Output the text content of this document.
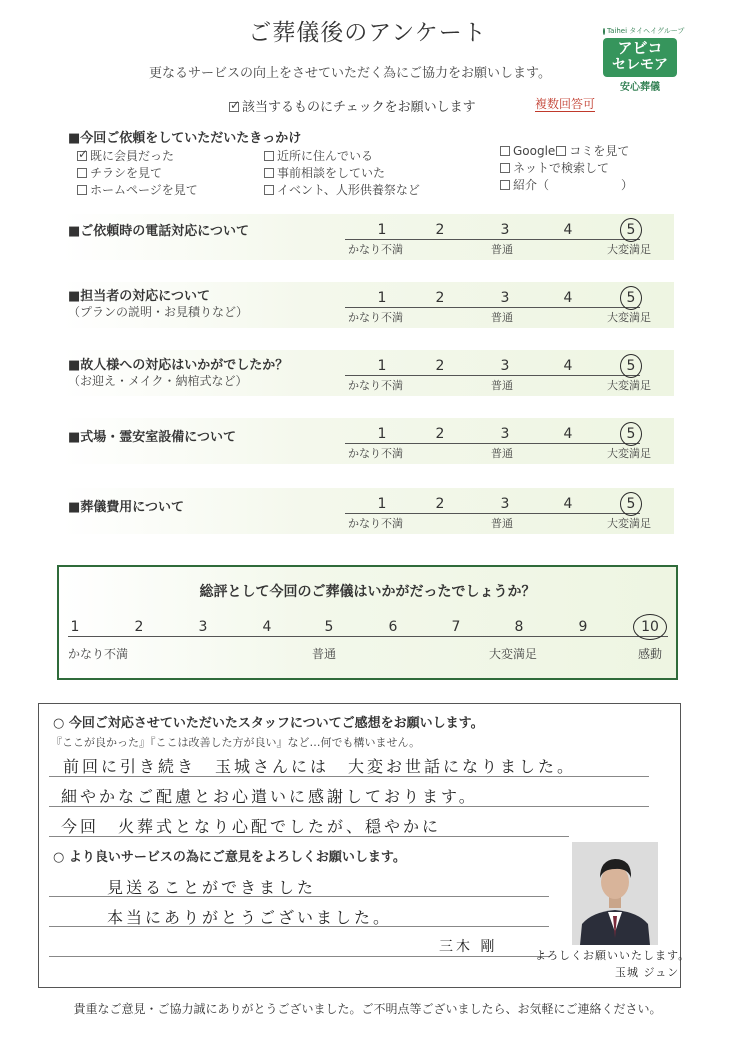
ご葬儀後のアンケート
更なるサービスの向上をさせていただく為にご協力をお願いします。
Taihei タイヘイグループ
アビコ
セレモア
安心葬儀
✓該当するものにチェックをお願いします	複数回答可
■今回ご依頼をしていただいたきっかけ
✓既に会員だった
チラシを見て
ホームページを見て
近所に住んでいる
事前相談をしていた
イベント、人形供養祭など
Google コミを見て
ネットで検索して
紹介（　　　　　　）
■ご依頼時の電話対応について
■担当者の対応について
（プランの説明・お見積りなど）
■故人様への対応はいかがでしたか？
（お迎え・メイク・納棺式など）
■式場・霊安室設備について
■葬儀費用について
1	2	3	4	5
かなり不満	普通	大変満足
1	2	3	4	5
かなり不満	普通	大変満足
1	2	3	4	5
かなり不満	普通	大変満足
1	2	3	4	5
かなり不満	普通	大変満足
1	2	3	4	5
かなり不満	普通	大変満足
総評として今回のご葬儀はいかがだったでしょうか？
1	2	3	4	5	6	7	8	9	10
かなり不満	普通	大変満足	感動
○ 今回ご対応させていただいたスタッフについてご感想をお願いします。
『ここが良かった』『ここは改善した方が良い』など…何でも構いません。
前回に引き続き　玉城さんには　大変お世話になりました。
細やかなご配慮とお心遣いに感謝しております。
今回　火葬式となり心配でしたが、穏やかに
○ より良いサービスの為にご意見をよろしくお願いします。
見送ることができました
本当にありがとうございました。
三木 剛
よろしくお願いいたします。
玉城 ジュン
貴重なご意見・ご協力誠にありがとうございました。ご不明点等ございましたら、お気軽にご連絡ください。
